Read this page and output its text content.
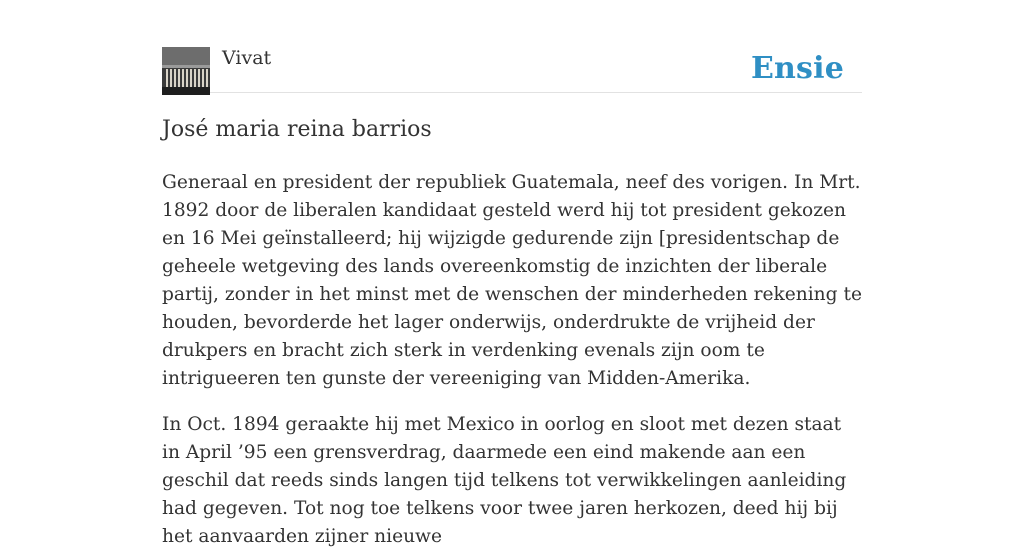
Vivat	Ensie
José maria reina barrios

Generaal en president der republiek Guatemala, neef des vorigen. In Mrt. 1892 door de liberalen kandidaat gesteld werd hij tot president gekozen en 16 Mei geïnstalleerd; hij wijzigde gedurende zijn [presidentschap de geheele wetgeving des lands overeenkomstig de inzichten der liberale partij, zonder in het minst met de wenschen der minderheden rekening te houden, bevorderde het lager onderwijs, onderdrukte de vrijheid der drukpers en bracht zich sterk in verdenking evenals zijn oom te intrigueeren ten gunste der vereeniging van Midden-Amerika.

In Oct. 1894 geraakte hij met Mexico in oorlog en sloot met dezen staat in April ’95 een grensverdrag, daarmede een eind makende aan een geschil dat reeds sinds langen tijd telkens tot verwikkelingen aanleiding had gegeven. Tot nog toe telkens voor twee jaren herkozen, deed hij bij het aanvaarden zijner nieuwe
